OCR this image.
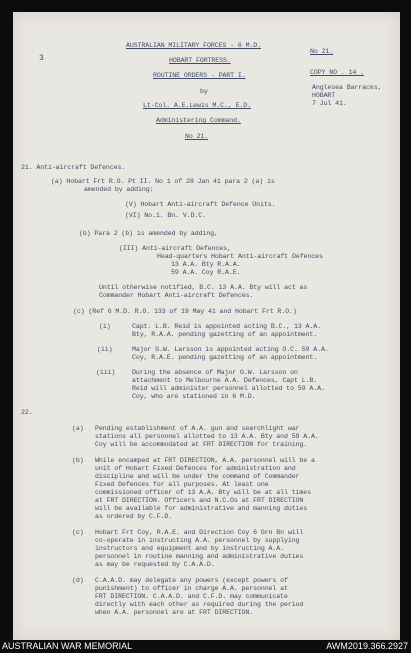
3
AUSTRALIAN MILITARY FORCES - 6 M.D.
HOBART FORTRESS.
ROUTINE ORDERS - PART I.
by
Lt-Col. A.E.Lewis M.C., E.D.
Administering Command.
No 21.
No 21.
COPY NO . 14 .
Anglesea Barracks,
HOBART
7 Jul 41.
21. Anti-aircraft Defences.
(a) Hobart Frt R.O. Pt II. No 1 of 28 Jan 41 para 2 (a) is
amended by adding:
(V) Hobart Anti-aircraft Defence Units.
(VI) No.1. Bn. V.D.C.
(b) Para 2 (b) is amended by adding,
(III) Anti-aircraft Defences,
Head-quarters Hobart Anti-aircraft Defences
13 A.A. Bty R.A.A.
59 A.A. Coy R.A.E.
Until otherwise notified, B.C. 13 A.A. Bty will act as
Commander Hobart Anti-aircraft Defences.
(c) (Ref 6 M.D. R.O. 133 of 19 May 41 and Hobart Frt R.O.)
(i)	Capt. L.B. Reid is appointed acting B.C., 13 A.A.
Bty, R.A.A. pending gazetting of an appointment.
(ii)	Major G.W. Larsson is appointed acting O.C. 59 A.A.
Coy, R.A.E. pending gazetting of an appointment.
(iii)	During the absence of Major G.W. Larsson on
attachment to Melbourne A.A. Defences, Capt L.B.
Reid will administer personnel allotted to 59 A.A.
Coy, who are stationed in 6 M.D.
22.
(a) Pending establishment of A.A. gun and searchlight war
stations all personnel allotted to 13 A.A. Bty and 59 A.A.
Coy will be accommodated at FRT DIRECTION for training.
(b) While encamped at FRT DIRECTION, A.A. personnel will be a
unit of Hobart Fixed Defences for administration and
discipline and will be under the command of Commander
Fixed Defences for all purposes. At least one
commissioned officer of 13 A.A. Bty will be at all times
at FRT DIRECTION. Officers and N.C.Os at FRT DIRECTION
will be available for administrative and manning duties
as ordered by C.F.D.
(c) Hobart Frt Coy, R.A.E. and Direction Coy 6 Grn Bn will
co-operate in instructing A.A. personnel by supplying
instructors and equipment and by instructing A.A.
personnel in routine manning and administrative duties
as may be requested by C.A.A.D.
(d) C.A.A.D. may delegate any powers (except powers of
punishment) to officer in charge A.A. personnel at
FRT DIRECTION. C.A.A.D. and C.F.D. may communicate
directly with each other as required during the period
when A.A. personnel are at FRT DIRECTION.
AUSTRALIAN WAR MEMORIAL	AWM2019.366.2927
